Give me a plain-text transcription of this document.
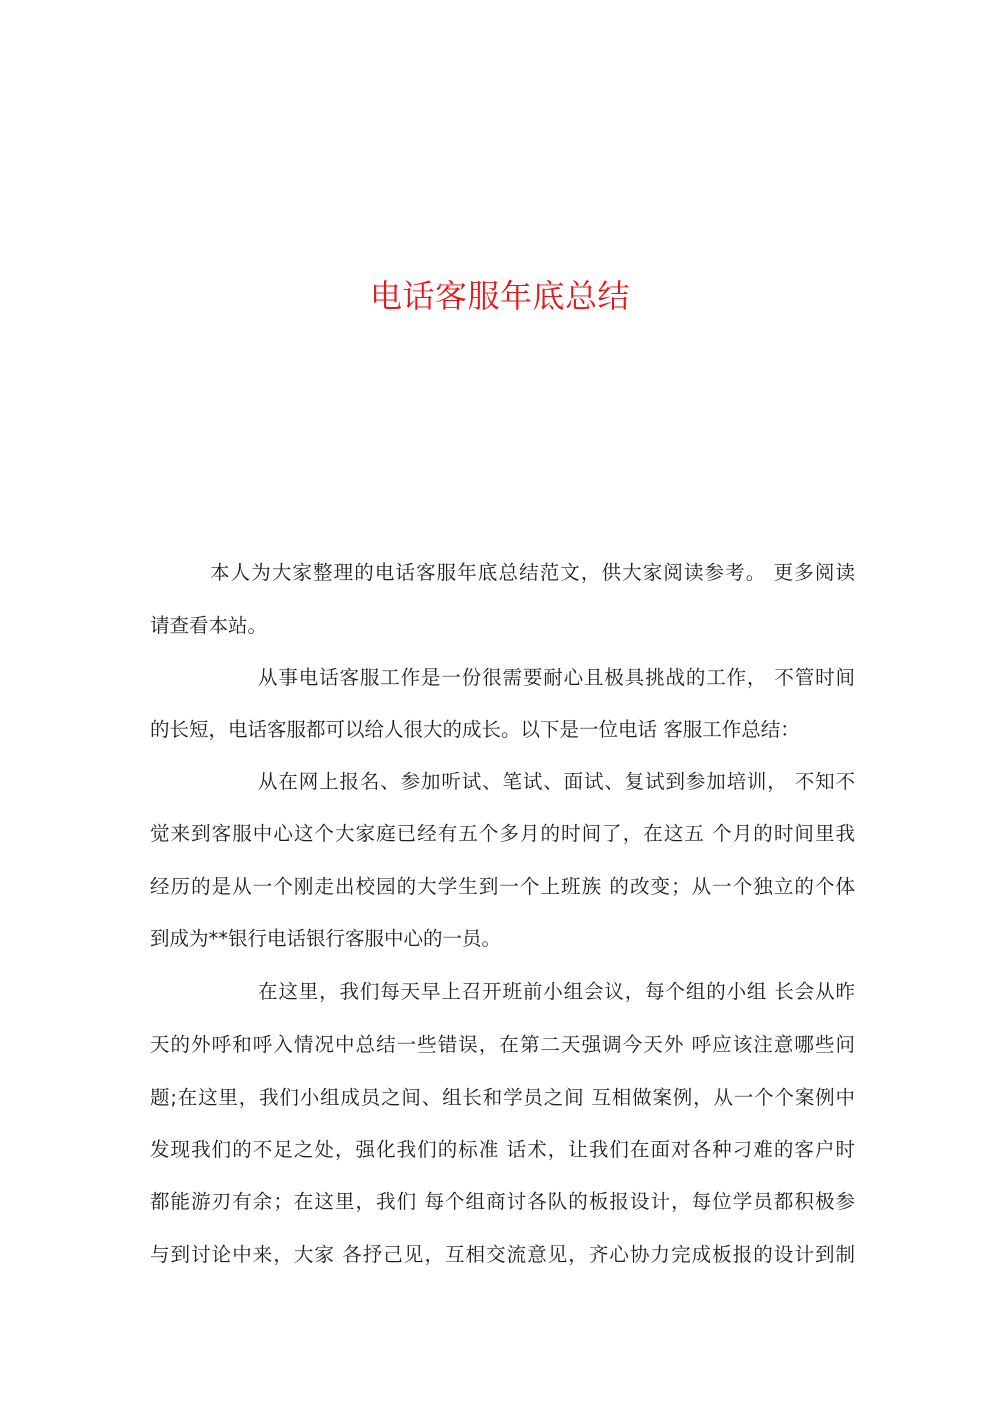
电话客服年底总结
本人为大家整理的电话客服年底总结范文，供大家阅读参考。 更多阅读
请查看本站。
从事电话客服工作是一份很需要耐心且极具挑战的工作， 不管时间
的长短，电话客服都可以给人很大的成长。以下是一位电话 客服工作总结：
从在网上报名、参加听试、笔试、面试、复试到参加培训， 不知不
觉来到客服中心这个大家庭已经有五个多月的时间了，在这五 个月的时间里我
经历的是从一个刚走出校园的大学生到一个上班族 的改变；从一个独立的个体
到成为**银行电话银行客服中心的一员。
在这里，我们每天早上召开班前小组会议，每个组的小组 长会从昨
天的外呼和呼入情况中总结一些错误，在第二天强调今天外 呼应该注意哪些问
题;在这里，我们小组成员之间、组长和学员之间 互相做案例，从一个个案例中
发现我们的不足之处，强化我们的标准 话术，让我们在面对各种刁难的客户时
都能游刃有余；在这里，我们 每个组商讨各队的板报设计，每位学员都积极参
与到讨论中来，大家 各抒己见，互相交流意见，齐心协力完成板报的设计到制
